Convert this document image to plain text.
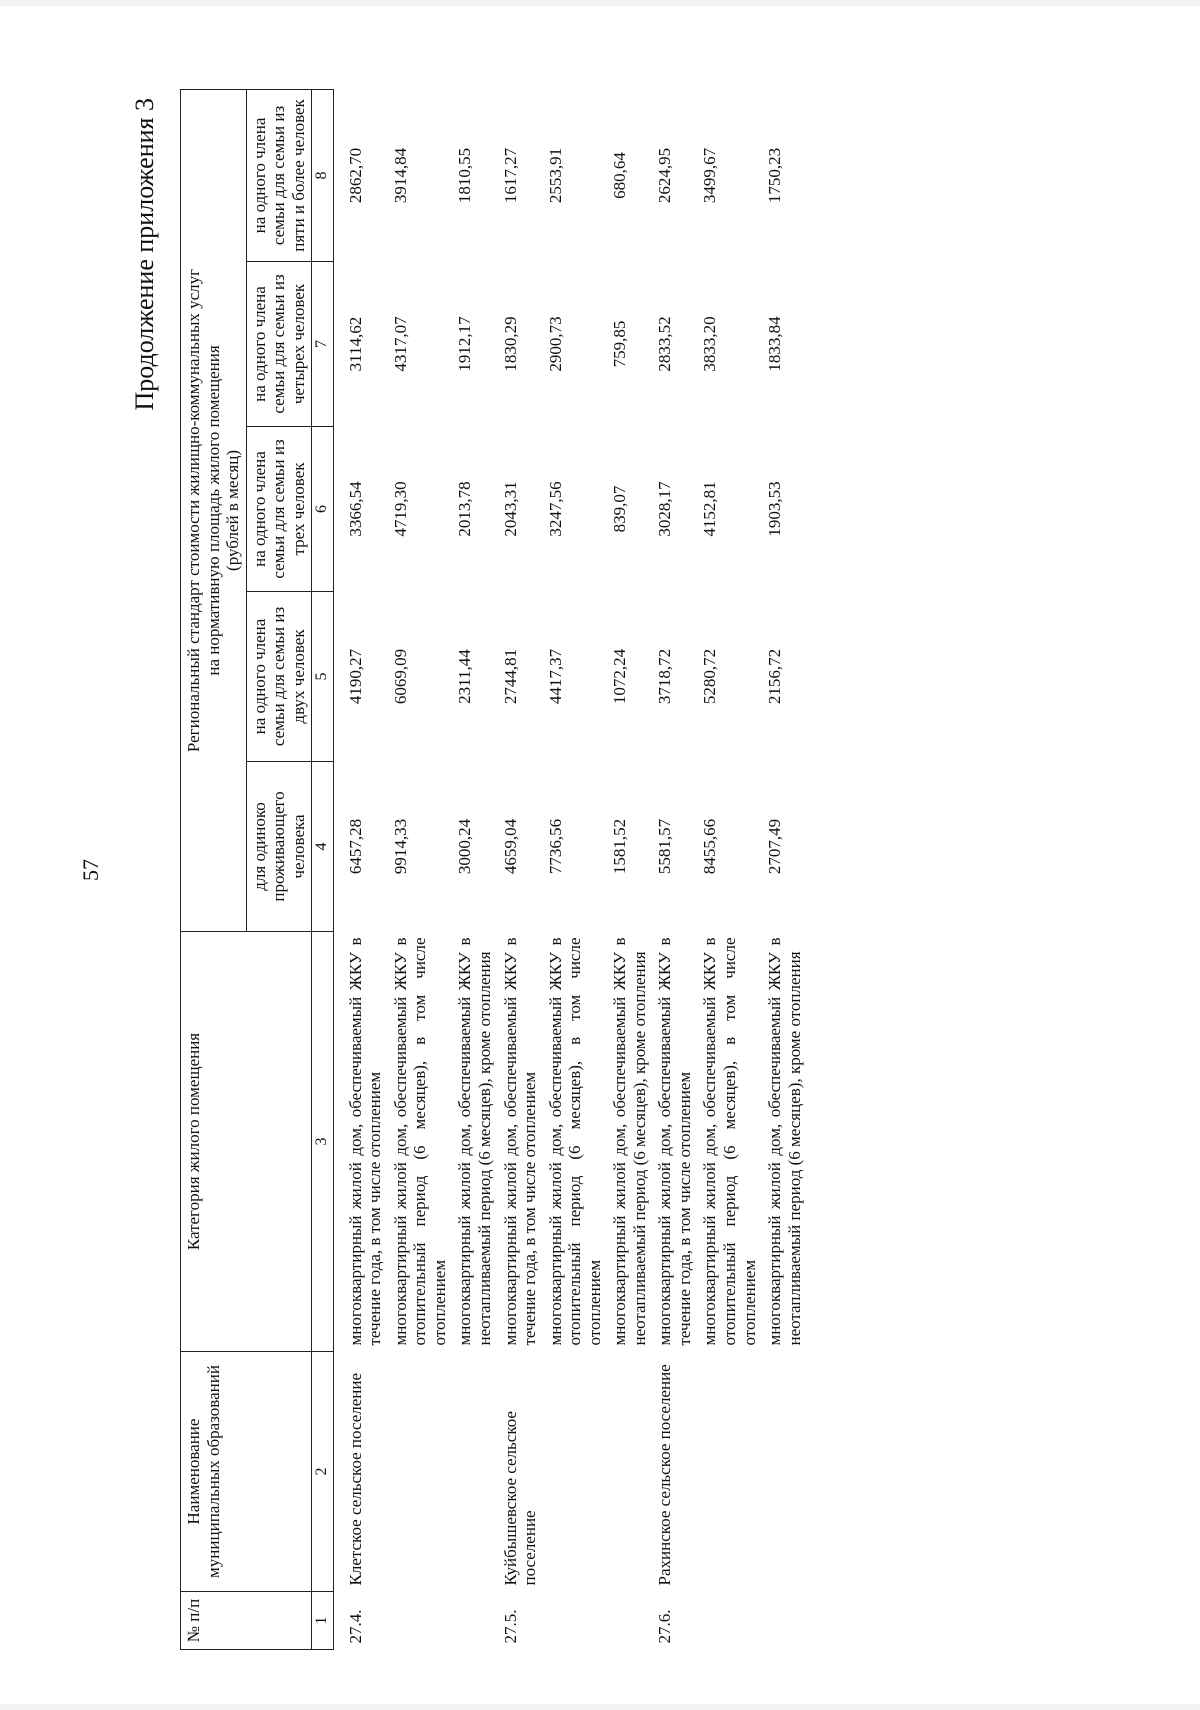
57
Продолжение приложения 3
№ п/п	Наименование муниципальных образований	Категория жилого помещения	Региональный стандарт стоимости жилищно-коммунальных услуг на нормативную площадь жилого помещения (рублей в месяц)				

			для одиноко проживающего человека	на одного члена семьи для семьи из двух человек	на одного члена семьи для семьи из трех человек	на одного члена семьи для семьи из четырех человек	на одного члена семьи для семьи из пяти и более человек
1	2	3	4	5	6	7	8
27.4.	Клетское сельское поселение	многоквартирный жилой дом, обеспечиваемый ЖКУ в течение года, в том числе отоплением	6457,28	4190,27	3366,54	3114,62	2862,70
		многоквартирный жилой дом, обеспечиваемый ЖКУ в отопительный период (6 месяцев), в том числе отоплением	9914,33	6069,09	4719,30	4317,07	3914,84
		многоквартирный жилой дом, обеспечиваемый ЖКУ в неотапливаемый период (6 месяцев), кроме отопления	3000,24	2311,44	2013,78	1912,17	1810,55
27.5.	Куйбышевское сельское поселение	многоквартирный жилой дом, обеспечиваемый ЖКУ в течение года, в том числе отоплением	4659,04	2744,81	2043,31	1830,29	1617,27
		многоквартирный жилой дом, обеспечиваемый ЖКУ в отопительный период (6 месяцев), в том числе отоплением	7736,56	4417,37	3247,56	2900,73	2553,91
		многоквартирный жилой дом, обеспечиваемый ЖКУ в неотапливаемый период (6 месяцев), кроме отопления	1581,52	1072,24	839,07	759,85	680,64
27.6.	Рахинское сельское поселение	многоквартирный жилой дом, обеспечиваемый ЖКУ в течение года, в том числе отоплением	5581,57	3718,72	3028,17	2833,52	2624,95
		многоквартирный жилой дом, обеспечиваемый ЖКУ в отопительный период (6 месяцев), в том числе отоплением	8455,66	5280,72	4152,81	3833,20	3499,67
		многоквартирный жилой дом, обеспечиваемый ЖКУ в неотапливаемый период (6 месяцев), кроме отопления	2707,49	2156,72	1903,53	1833,84	1750,23
